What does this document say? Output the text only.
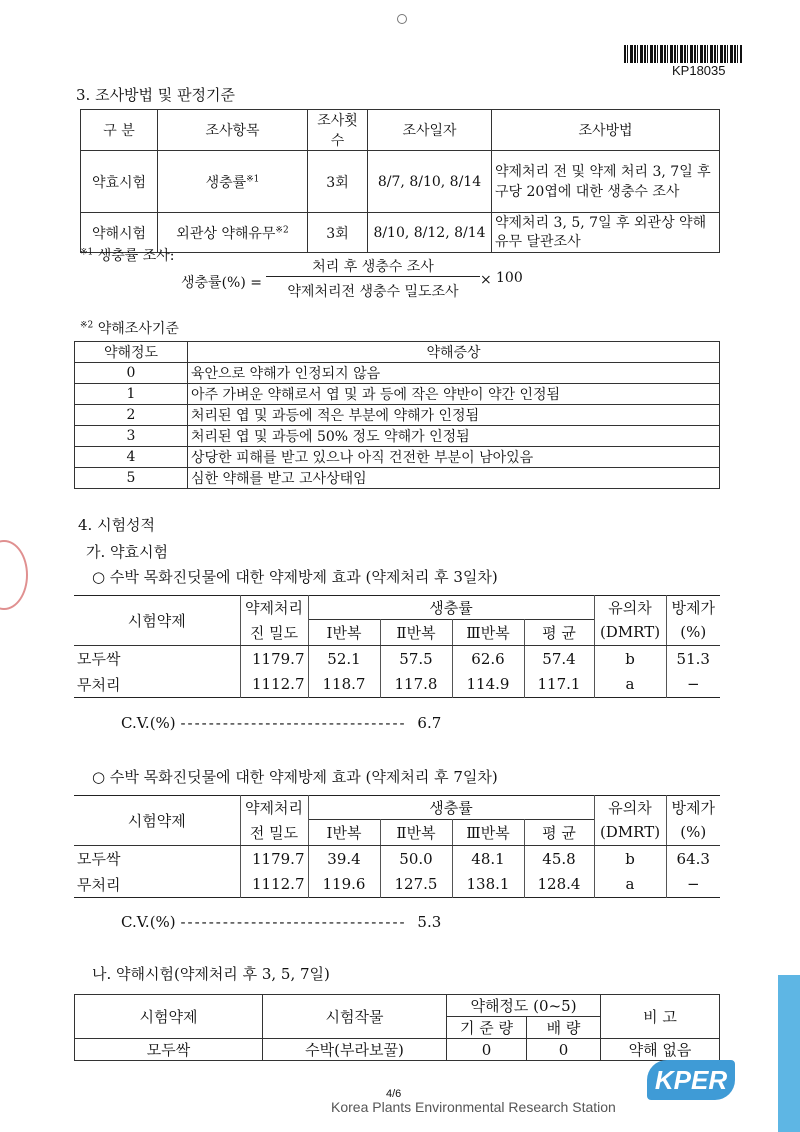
KP18035
3. 조사방법 및 판정기준
구 분	조사항목	조사횟수	조사일자	조사방법
약효시험	생충률$^{※1}$	3회	8/7, 8/10, 8/14	약제처리 전 및 약제 처리 3, 7일 후 구당 20엽에 대한 생충수 조사
약해시험	외관상 약해유무$^{※2}$	3회	8/10, 8/12, 8/14	약제처리 3, 5, 7일 후 외관상 약해유무 달관조사
$^{※1}$ 생충률 조사:
생충률(%) =
처리 후 생충수 조사
약제처리전 생충수 밀도조사
× 100
$^{※2}$ 약해조사기준
약해정도	약해증상
0	육안으로 약해가 인정되지 않음
1	아주 가벼운 약해로서 엽 및 과 등에 작은 약반이 약간 인정됨
2	처리된 엽 및 과등에 적은 부분에 약해가 인정됨
3	처리된 엽 및 과등에 50% 정도 약해가 인정됨
4	상당한 피해를 받고 있으나 아직 건전한 부분이 남아있음
5	심한 약해를 받고 고사상태임
4. 시험성적
가. 약효시험
○ 수박 목화진딧물에 대한 약제방제 효과 (약제처리 후 3일차)
시험약제	약제처리	생충률				유의차	방제가
	진 밀도	Ⅰ반복	Ⅱ반복	Ⅲ반복	평 균	(DMRT)	(%)
모두싹	1179.7	52.1	57.5	62.6	57.4	b	51.3
무처리	1112.7	118.7	117.8	114.9	117.1	a	−
C.V.(%) -------------------------------- 6.7
○ 수박 목화진딧물에 대한 약제방제 효과 (약제처리 후 7일차)
시험약제	약제처리	생충률				유의차	방제가
	전 밀도	Ⅰ반복	Ⅱ반복	Ⅲ반복	평 균	(DMRT)	(%)
모두싹	1179.7	39.4	50.0	48.1	45.8	b	64.3
무처리	1112.7	119.6	127.5	138.1	128.4	a	−
C.V.(%) -------------------------------- 5.3
나. 약해시험(약제처리 후 3, 5, 7일)
시험약제	시험작물	약해정도 (0~5)		비 고
		기 준 량	배 량	
모두싹	수박(부라보꿀)	0	0	약해 없음
4/6
Korea Plants Environmental Research Station
KPER
